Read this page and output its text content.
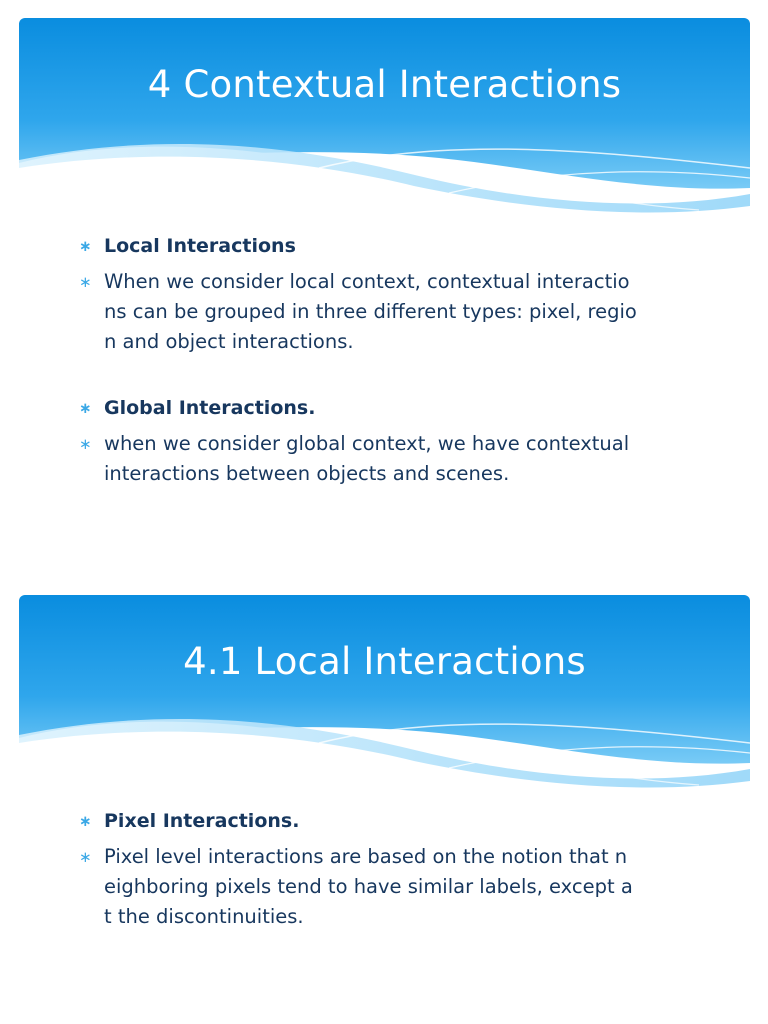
4 Contextual Interactions
∗ Local Interactions
∗ When we consider local context, contextual interactio
ns can be grouped in three different types: pixel, regio
n and object interactions.
∗ Global Interactions.
∗ when we consider global context, we have contextual
interactions between objects and scenes.
4.1 Local Interactions
∗ Pixel Interactions.
∗ Pixel level interactions are based on the notion that n
eighboring pixels tend to have similar labels, except a
t the discontinuities.
